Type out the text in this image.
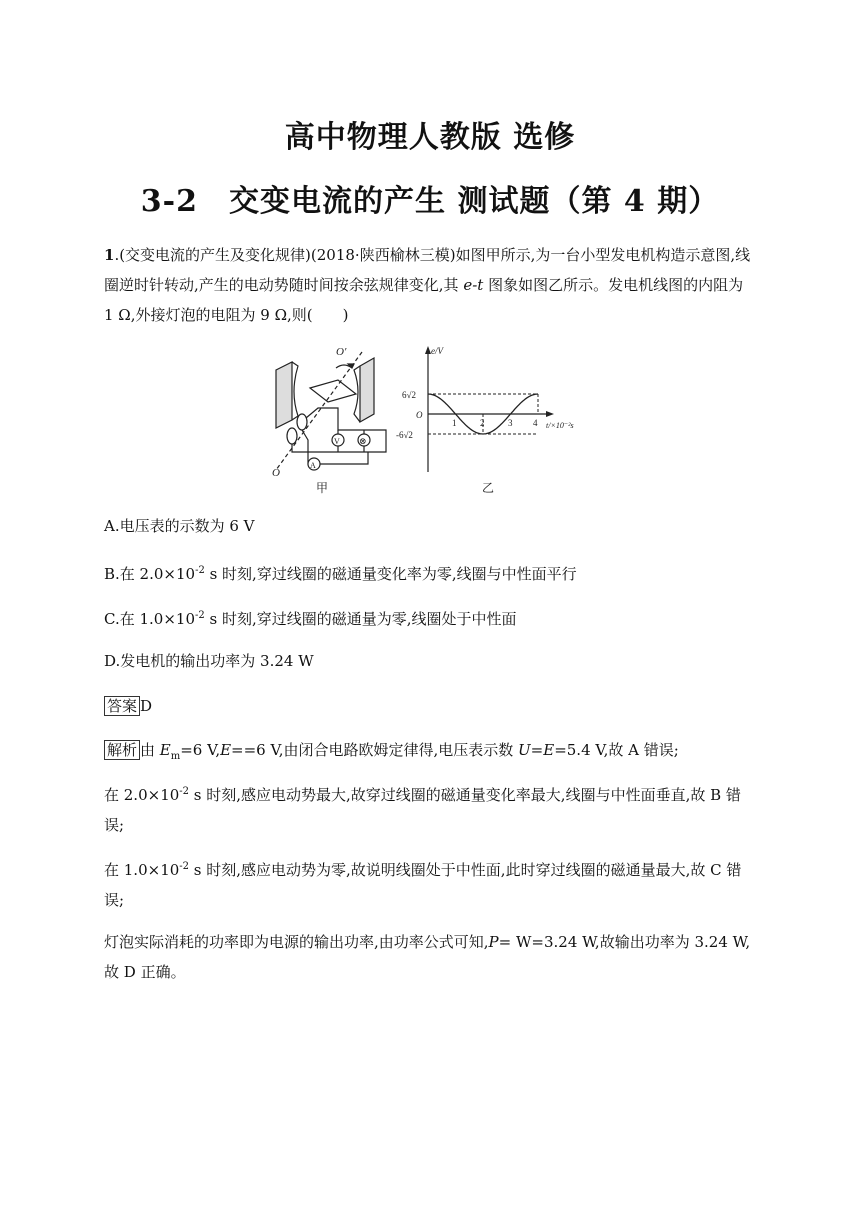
高中物理人教版 选修
3-2　交变电流的产生 测试题（第 4 期）

1.(交变电流的产生及变化规律)(2018·陕西榆林三模)如图甲所示,为一台小型发电机构造示意图,线圈逆时针转动,产生的电动势随时间按余弦规律变化,其 e-t 图象如图乙所示。发电机线图的内阻为 1 Ω,外接灯泡的电阻为 9 Ω,则(　　)

O′
O
A
V ⊗
甲
e/V
t/×10⁻²s
6√2
-6√2
O
1	2	3 4
乙
A.电压表的示数为 6 V
B.在 $2.0\times 10^{-2}$ s 时刻,穿过线圈的磁通量变化率为零,线圈与中性面平行
C.在 $1.0\times 10^{-2}$ s 时刻,穿过线圈的磁通量为零,线圈处于中性面
D.发电机的输出功率为 3.24 W
答案 D

解析 由 $E_m=6$ V,E==6 V,由闭合电路欧姆定律得,电压表示数 U=E=5.4 V,故 A 错误;

在 $2.0\times 10^{-2}$ s 时刻,感应电动势最大,故穿过线圈的磁通量变化率最大,线圈与中性面垂直,故 B 错误;

在 $1.0\times 10^{-2}$ s 时刻,感应电动势为零,故说明线圈处于中性面,此时穿过线圈的磁通量最大,故 C 错误;

灯泡实际消耗的功率即为电源的输出功率,由功率公式可知,P= W=3.24 W,故输出功率为 3.24 W,故 D 正确。
